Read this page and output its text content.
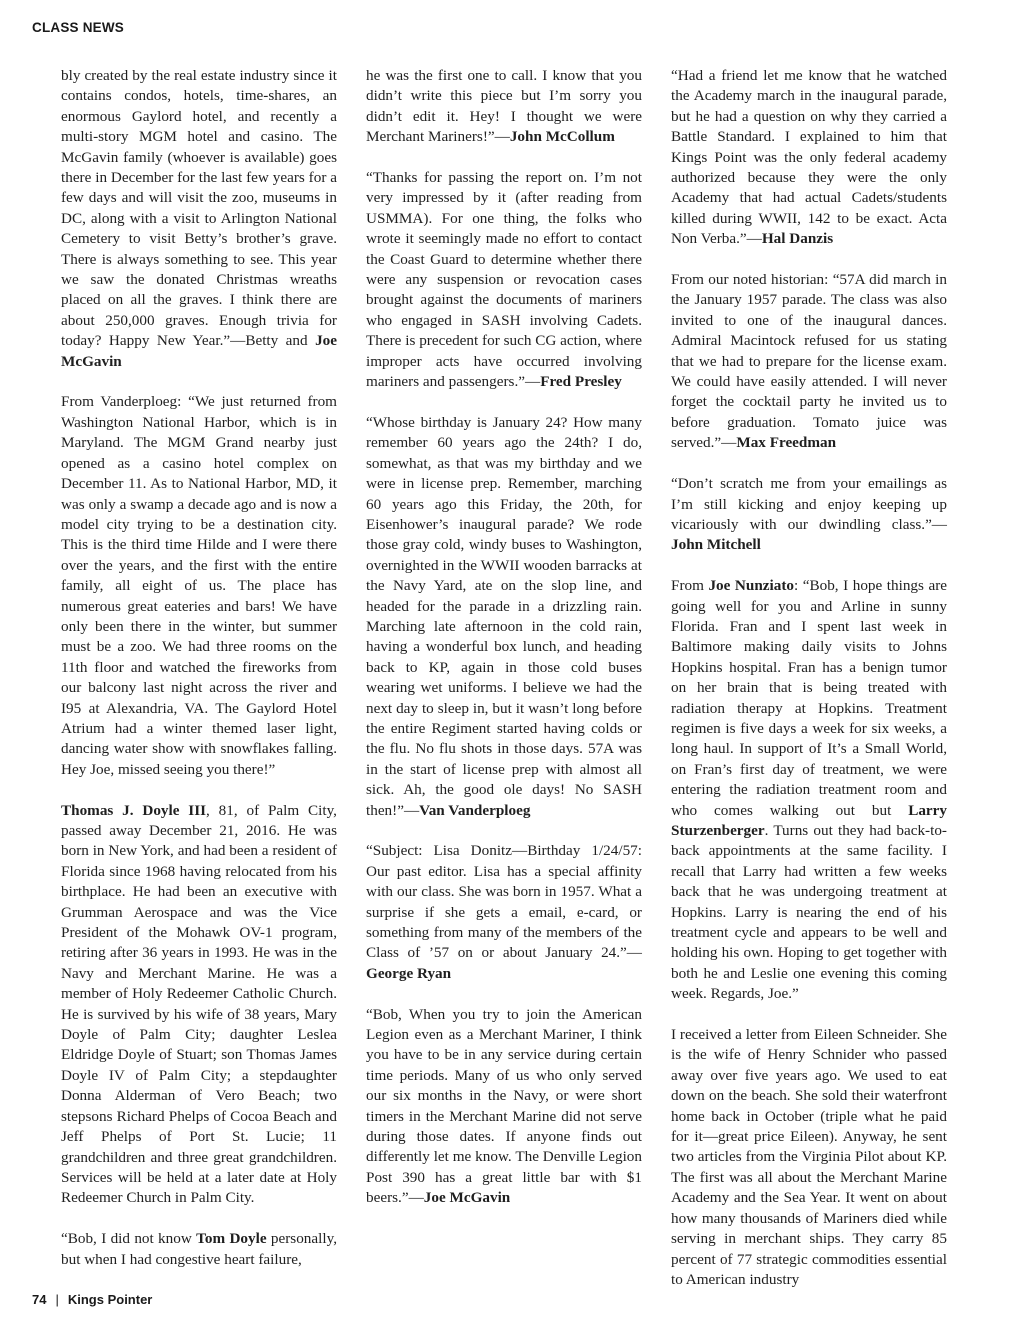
CLASS NEWS

bly created by the real estate industry since it contains condos, hotels, time-shares, an enormous Gaylord hotel, and recently a multi-story MGM hotel and casino. The McGavin family (whoever is available) goes there in December for the last few years for a few days and will visit the zoo, museums in DC, along with a visit to Arlington National Cemetery to visit Betty’s brother’s grave. There is always something to see. This year we saw the donated Christmas wreaths placed on all the graves. I think there are about 250,000 graves. Enough trivia for today? Happy New Year.”—Betty and Joe McGavin

From Vanderploeg: “We just returned from Washington National Harbor, which is in Maryland. The MGM Grand nearby just opened as a casino hotel complex on December 11. As to National Harbor, MD, it was only a swamp a decade ago and is now a model city trying to be a destination city. This is the third time Hilde and I were there over the years, and the first with the entire family, all eight of us. The place has numerous great eateries and bars! We have only been there in the winter, but summer must be a zoo. We had three rooms on the 11th floor and watched the fireworks from our balcony last night across the river and I95 at Alexandria, VA. The Gaylord Hotel Atrium had a winter themed laser light, dancing water show with snowflakes falling. Hey Joe, missed seeing you there!”

Thomas J. Doyle III, 81, of Palm City, passed away December 21, 2016. He was born in New York, and had been a resident of Florida since 1968 having relocated from his birthplace. He had been an executive with Grumman Aerospace and was the Vice President of the Mohawk OV-1 program, retiring after 36 years in 1993. He was in the Navy and Merchant Marine. He was a member of Holy Redeemer Catholic Church. He is survived by his wife of 38 years, Mary Doyle of Palm City; daughter Leslea Eldridge Doyle of Stuart; son Thomas James Doyle IV of Palm City; a stepdaughter Donna Alderman of Vero Beach; two stepsons Richard Phelps of Cocoa Beach and Jeff Phelps of Port St. Lucie; 11 grandchildren and three great grandchildren. Services will be held at a later date at Holy Redeemer Church in Palm City.

“Bob, I did not know Tom Doyle personally, but when I had congestive heart failure,

he was the first one to call. I know that you didn’t write this piece but I’m sorry you didn’t edit it. Hey! I thought we were Merchant Mariners!”—John McCollum

“Thanks for passing the report on. I’m not very impressed by it (after reading from USMMA). For one thing, the folks who wrote it seemingly made no effort to contact the Coast Guard to determine whether there were any suspension or revocation cases brought against the documents of mariners who engaged in SASH involving Cadets. There is precedent for such CG action, where improper acts have occurred involving mariners and passengers.”—Fred Presley

“Whose birthday is January 24? How many remember 60 years ago the 24th? I do, somewhat, as that was my birthday and we were in license prep. Remember, marching 60 years ago this Friday, the 20th, for Eisenhower’s inaugural parade? We rode those gray cold, windy buses to Washington, overnighted in the WWII wooden barracks at the Navy Yard, ate on the slop line, and headed for the parade in a drizzling rain. Marching late afternoon in the cold rain, having a wonderful box lunch, and heading back to KP, again in those cold buses wearing wet uniforms. I believe we had the next day to sleep in, but it wasn’t long before the entire Regiment started having colds or the flu. No flu shots in those days. 57A was in the start of license prep with almost all sick. Ah, the good ole days! No SASH then!”—Van Vanderploeg

“Subject: Lisa Donitz—Birthday 1/24/57: Our past editor. Lisa has a special affinity with our class. She was born in 1957. What a surprise if she gets a email, e-card, or something from many of the members of the Class of ’57 on or about January 24.”—George Ryan

“Bob, When you try to join the American Legion even as a Merchant Mariner, I think you have to be in any service during certain time periods. Many of us who only served our six months in the Navy, or were short timers in the Merchant Marine did not serve during those dates. If anyone finds out differently let me know. The Denville Legion Post 390 has a great little bar with $1 beers.”—Joe McGavin

“Had a friend let me know that he watched the Academy march in the inaugural parade, but he had a question on why they carried a Battle Standard. I explained to him that Kings Point was the only federal academy authorized because they were the only Academy that had actual Cadets/students killed during WWII, 142 to be exact. Acta Non Verba.”—Hal Danzis

From our noted historian: “57A did march in the January 1957 parade. The class was also invited to one of the inaugural dances. Admiral Macintock refused for us stating that we had to prepare for the license exam. We could have easily attended. I will never forget the cocktail party he invited us to before graduation. Tomato juice was served.”—Max Freedman

“Don’t scratch me from your emailings as I’m still kicking and enjoy keeping up vicariously with our dwindling class.”—John Mitchell

From Joe Nunziato: “Bob, I hope things are going well for you and Arline in sunny Florida. Fran and I spent last week in Baltimore making daily visits to Johns Hopkins hospital. Fran has a benign tumor on her brain that is being treated with radiation therapy at Hopkins. Treatment regimen is five days a week for six weeks, a long haul. In support of It’s a Small World, on Fran’s first day of treatment, we were entering the radiation treatment room and who comes walking out but Larry Sturzenberger. Turns out they had back-to-back appointments at the same facility. I recall that Larry had written a few weeks back that he was undergoing treatment at Hopkins. Larry is nearing the end of his treatment cycle and appears to be well and holding his own. Hoping to get together with both he and Leslie one evening this coming week. Regards, Joe.”

I received a letter from Eileen Schneider. She is the wife of Henry Schnider who passed away over five years ago. We used to eat down on the beach. She sold their waterfront home back in October (triple what he paid for it—great price Eileen). Anyway, he sent two articles from the Virginia Pilot about KP. The first was all about the Merchant Marine Academy and the Sea Year. It went on about how many thousands of Mariners died while serving in merchant ships. They carry 85 percent of 77 strategic commodities essential to American industry

74 | Kings Pointer
